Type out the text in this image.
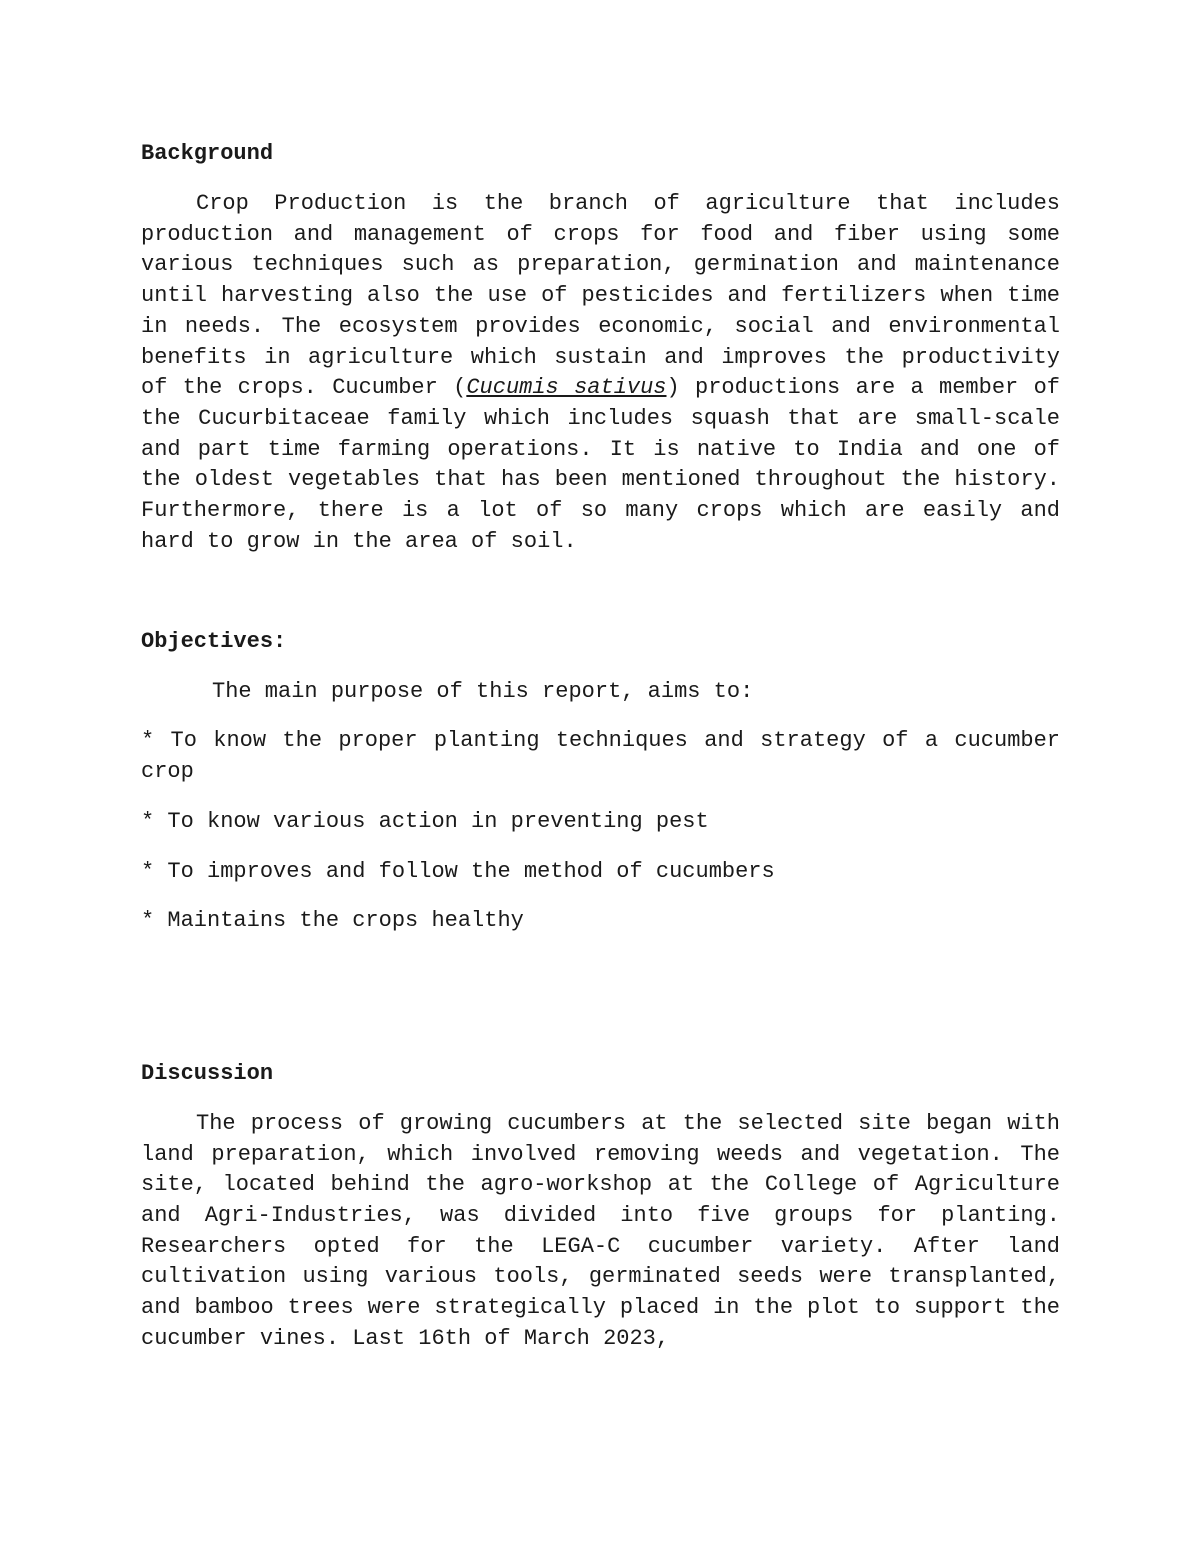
Background

Crop Production is the branch of agriculture that includes production and management of crops for food and fiber using some various techniques such as preparation, germination and maintenance until harvesting also the use of pesticides and fertilizers when time in needs. The ecosystem provides economic, social and environmental benefits in agriculture which sustain and improves the productivity of the crops. Cucumber (Cucumis sativus) productions are a member of the Cucurbitaceae family which includes squash that are small-scale and part time farming operations. It is native to India and one of the oldest vegetables that has been mentioned throughout the history. Furthermore, there is a lot of so many crops which are easily and hard to grow in the area of soil.

Objectives:

The main purpose of this report, aims to:

* To know the proper planting techniques and strategy of a cucumber crop

* To know various action in preventing pest

* To improves and follow the method of cucumbers

* Maintains the crops healthy

Discussion

The process of growing cucumbers at the selected site began with land preparation, which involved removing weeds and vegetation. The site, located behind the agro-workshop at the College of Agriculture and Agri-Industries, was divided into five groups for planting. Researchers opted for the LEGA-C cucumber variety. After land cultivation using various tools, germinated seeds were transplanted, and bamboo trees were strategically placed in the plot to support the cucumber vines. Last 16th of March 2023,
